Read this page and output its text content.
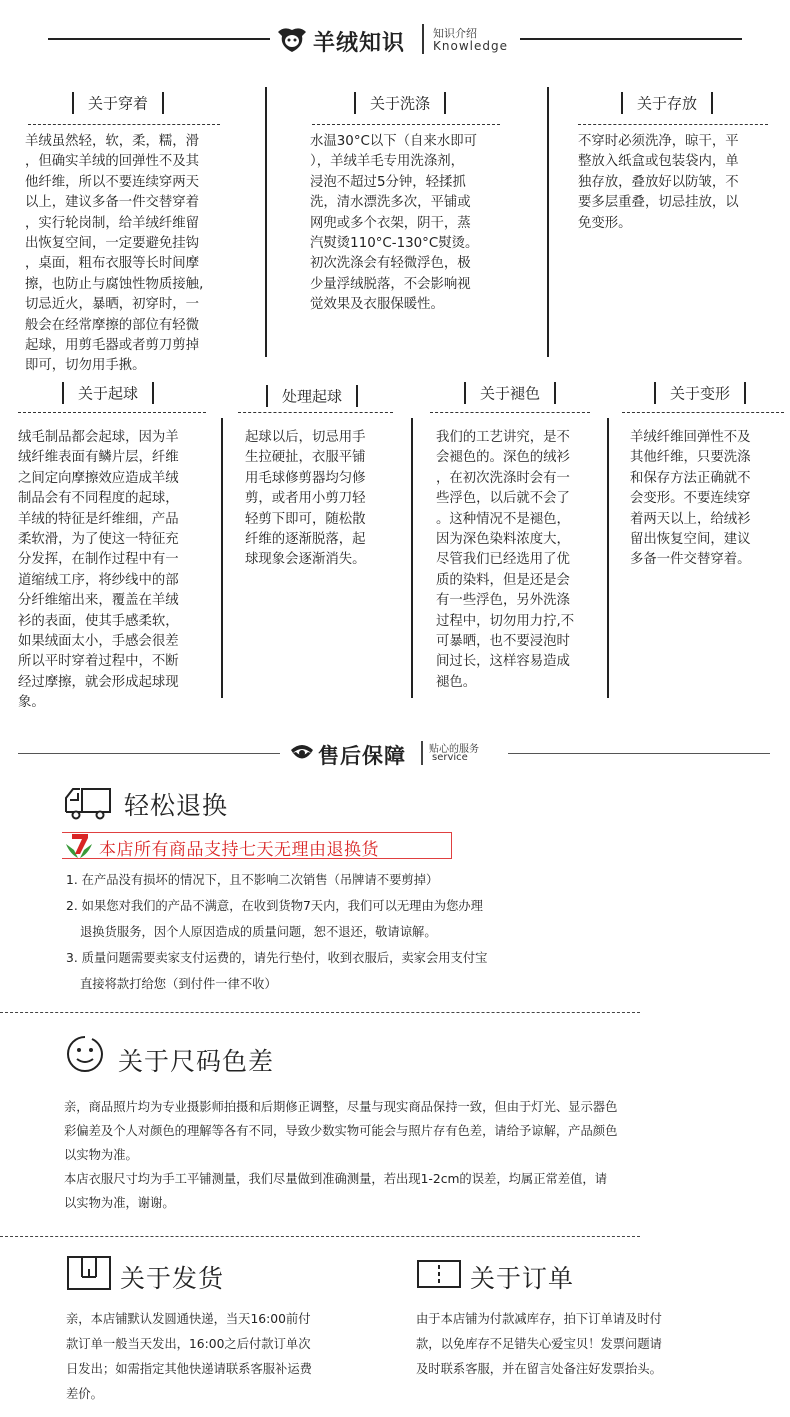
羊绒知识	知识介绍
Knowledge
关于穿着
羊绒虽然轻，软，柔，糯，滑
，但确实羊绒的回弹性不及其
他纤维，所以不要连续穿两天
以上，建议多备一件交替穿着
，实行轮岗制，给羊绒纤维留
出恢复空间，一定要避免挂钩
，桌面，粗布衣服等长时间摩
擦，也防止与腐蚀性物质接触,
切忌近火，暴晒，初穿时，一
般会在经常摩擦的部位有轻微
起球，用剪毛器或者剪刀剪掉
即可，切勿用手揪。
关于洗涤
水温30°C以下（自来水即可
），羊绒羊毛专用洗涤剂，
浸泡不超过5分钟，轻揉抓
洗，清水漂洗多次，平铺或
网兜或多个衣架，阴干，蒸
汽熨烫110°C-130°C熨烫。
初次洗涤会有轻微浮色，极
少量浮绒脱落，不会影响视
觉效果及衣服保暖性。
关于存放
不穿时必须洗净，晾干，平
整放入纸盒或包装袋内，单
独存放，叠放好以防皱，不
要多层重叠，切忌挂放，以
免变形。
关于起球
绒毛制品都会起球，因为羊
绒纤维表面有鳞片层，纤维
之间定向摩擦效应造成羊绒
制品会有不同程度的起球，
羊绒的特征是纤维细，产品
柔软滑，为了使这一特征充
分发挥，在制作过程中有一
道缩绒工序，将纱线中的部
分纤维缩出来，覆盖在羊绒
衫的表面，使其手感柔软，
如果绒面太小，手感会很差
所以平时穿着过程中，不断
经过摩擦，就会形成起球现
象。
处理起球
起球以后，切忌用手
生拉硬扯，衣服平铺
用毛球修剪器均匀修
剪，或者用小剪刀轻
轻剪下即可，随松散
纤维的逐渐脱落，起
球现象会逐渐消失。
关于褪色
我们的工艺讲究，是不
会褪色的。深色的绒衫
，在初次洗涤时会有一
些浮色，以后就不会了
。这种情况不是褪色，
因为深色染料浓度大，
尽管我们已经选用了优
质的染料，但是还是会
有一些浮色，另外洗涤
过程中，切勿用力拧,不
可暴晒，也不要浸泡时
间过长，这样容易造成
褪色。
关于变形
羊绒纤维回弹性不及
其他纤维，只要洗涤
和保存方法正确就不
会变形。不要连续穿
着两天以上，给绒衫
留出恢复空间，建议
多备一件交替穿着。
售后保障 贴心的服务
service
轻松退换
本店所有商品支持七天无理由退换货
1. 在产品没有损坏的情况下，且不影响二次销售（吊牌请不要剪掉）
2. 如果您对我们的产品不满意，在收到货物7天内，我们可以无理由为您办理
退换货服务，因个人原因造成的质量问题，恕不退还，敬请谅解。
3. 质量问题需要卖家支付运费的，请先行垫付，收到衣服后，卖家会用支付宝
直接将款打给您（到付件一律不收）
关于尺码色差
亲，商品照片均为专业摄影师拍摄和后期修正调整，尽量与现实商品保持一致，但由于灯光、显示器色
彩偏差及个人对颜色的理解等各有不同，导致少数实物可能会与照片存有色差，请给予谅解，产品颜色
以实物为准。
本店衣服尺寸均为手工平铺测量，我们尽量做到准确测量，若出现1-2cm的误差，均属正常差值，请
以实物为准，谢谢。
关于发货
亲，本店铺默认发圆通快递，当天16:00前付
款订单一般当天发出，16:00之后付款订单次
日发出；如需指定其他快递请联系客服补运费
差价。
关于订单
由于本店铺为付款减库存，拍下订单请及时付
款，以免库存不足错失心爱宝贝！发票问题请
及时联系客服，并在留言处备注好发票抬头。
